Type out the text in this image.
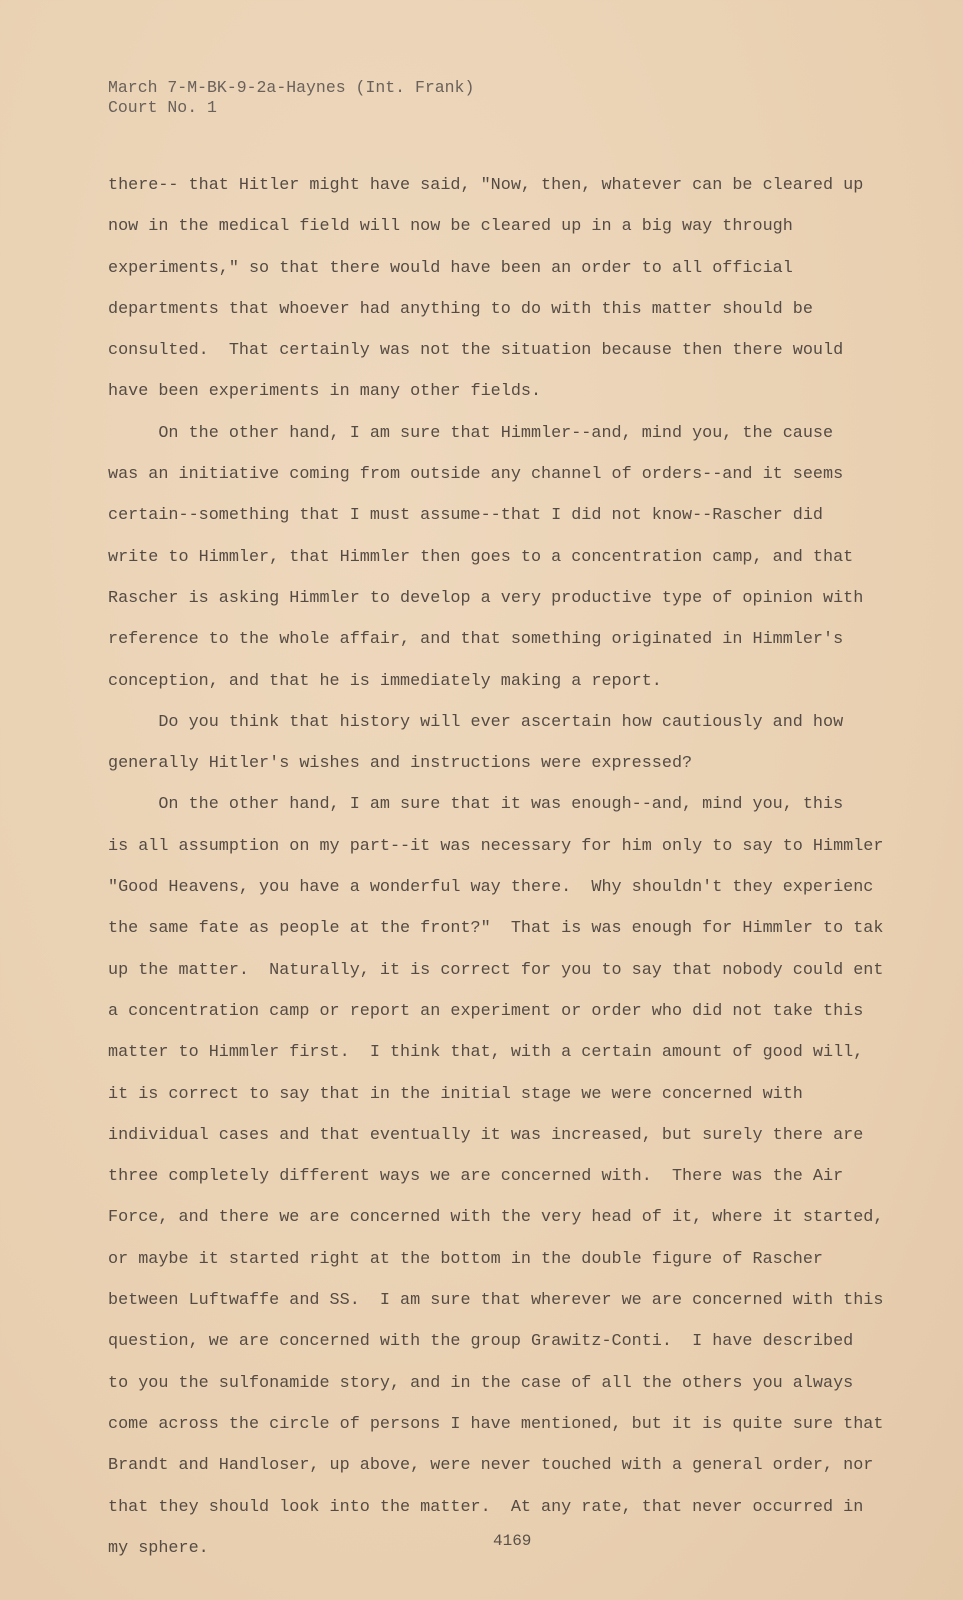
March 7-M-BK-9-2a-Haynes (Int. Frank)
Court No. 1
there-- that Hitler might have said, "Now, then, whatever can be cleared up
now in the medical field will now be cleared up in a big way through
experiments," so that there would have been an order to all official
departments that whoever had anything to do with this matter should be
consulted.  That certainly was not the situation because then there would
have been experiments in many other fields.
On the other hand, I am sure that Himmler--and, mind you, the cause
was an initiative coming from outside any channel of orders--and it seems
certain--something that I must assume--that I did not know--Rascher did
write to Himmler, that Himmler then goes to a concentration camp, and that
Rascher is asking Himmler to develop a very productive type of opinion with
reference to the whole affair, and that something originated in Himmler's
conception, and that he is immediately making a report.
Do you think that history will ever ascertain how cautiously and how
generally Hitler's wishes and instructions were expressed?
On the other hand, I am sure that it was enough--and, mind you, this
is all assumption on my part--it was necessary for him only to say to Himmler
"Good Heavens, you have a wonderful way there.  Why shouldn't they experienc
the same fate as people at the front?"  That is was enough for Himmler to tak
up the matter.  Naturally, it is correct for you to say that nobody could ent
a concentration camp or report an experiment or order who did not take this
matter to Himmler first.  I think that, with a certain amount of good will,
it is correct to say that in the initial stage we were concerned with
individual cases and that eventually it was increased, but surely there are
three completely different ways we are concerned with.  There was the Air
Force, and there we are concerned with the very head of it, where it started,
or maybe it started right at the bottom in the double figure of Rascher
between Luftwaffe and SS.  I am sure that wherever we are concerned with this
question, we are concerned with the group Grawitz-Conti.  I have described
to you the sulfonamide story, and in the case of all the others you always
come across the circle of persons I have mentioned, but it is quite sure that
Brandt and Handloser, up above, were never touched with a general order, nor
that they should look into the matter.  At any rate, that never occurred in
my sphere.	4169
